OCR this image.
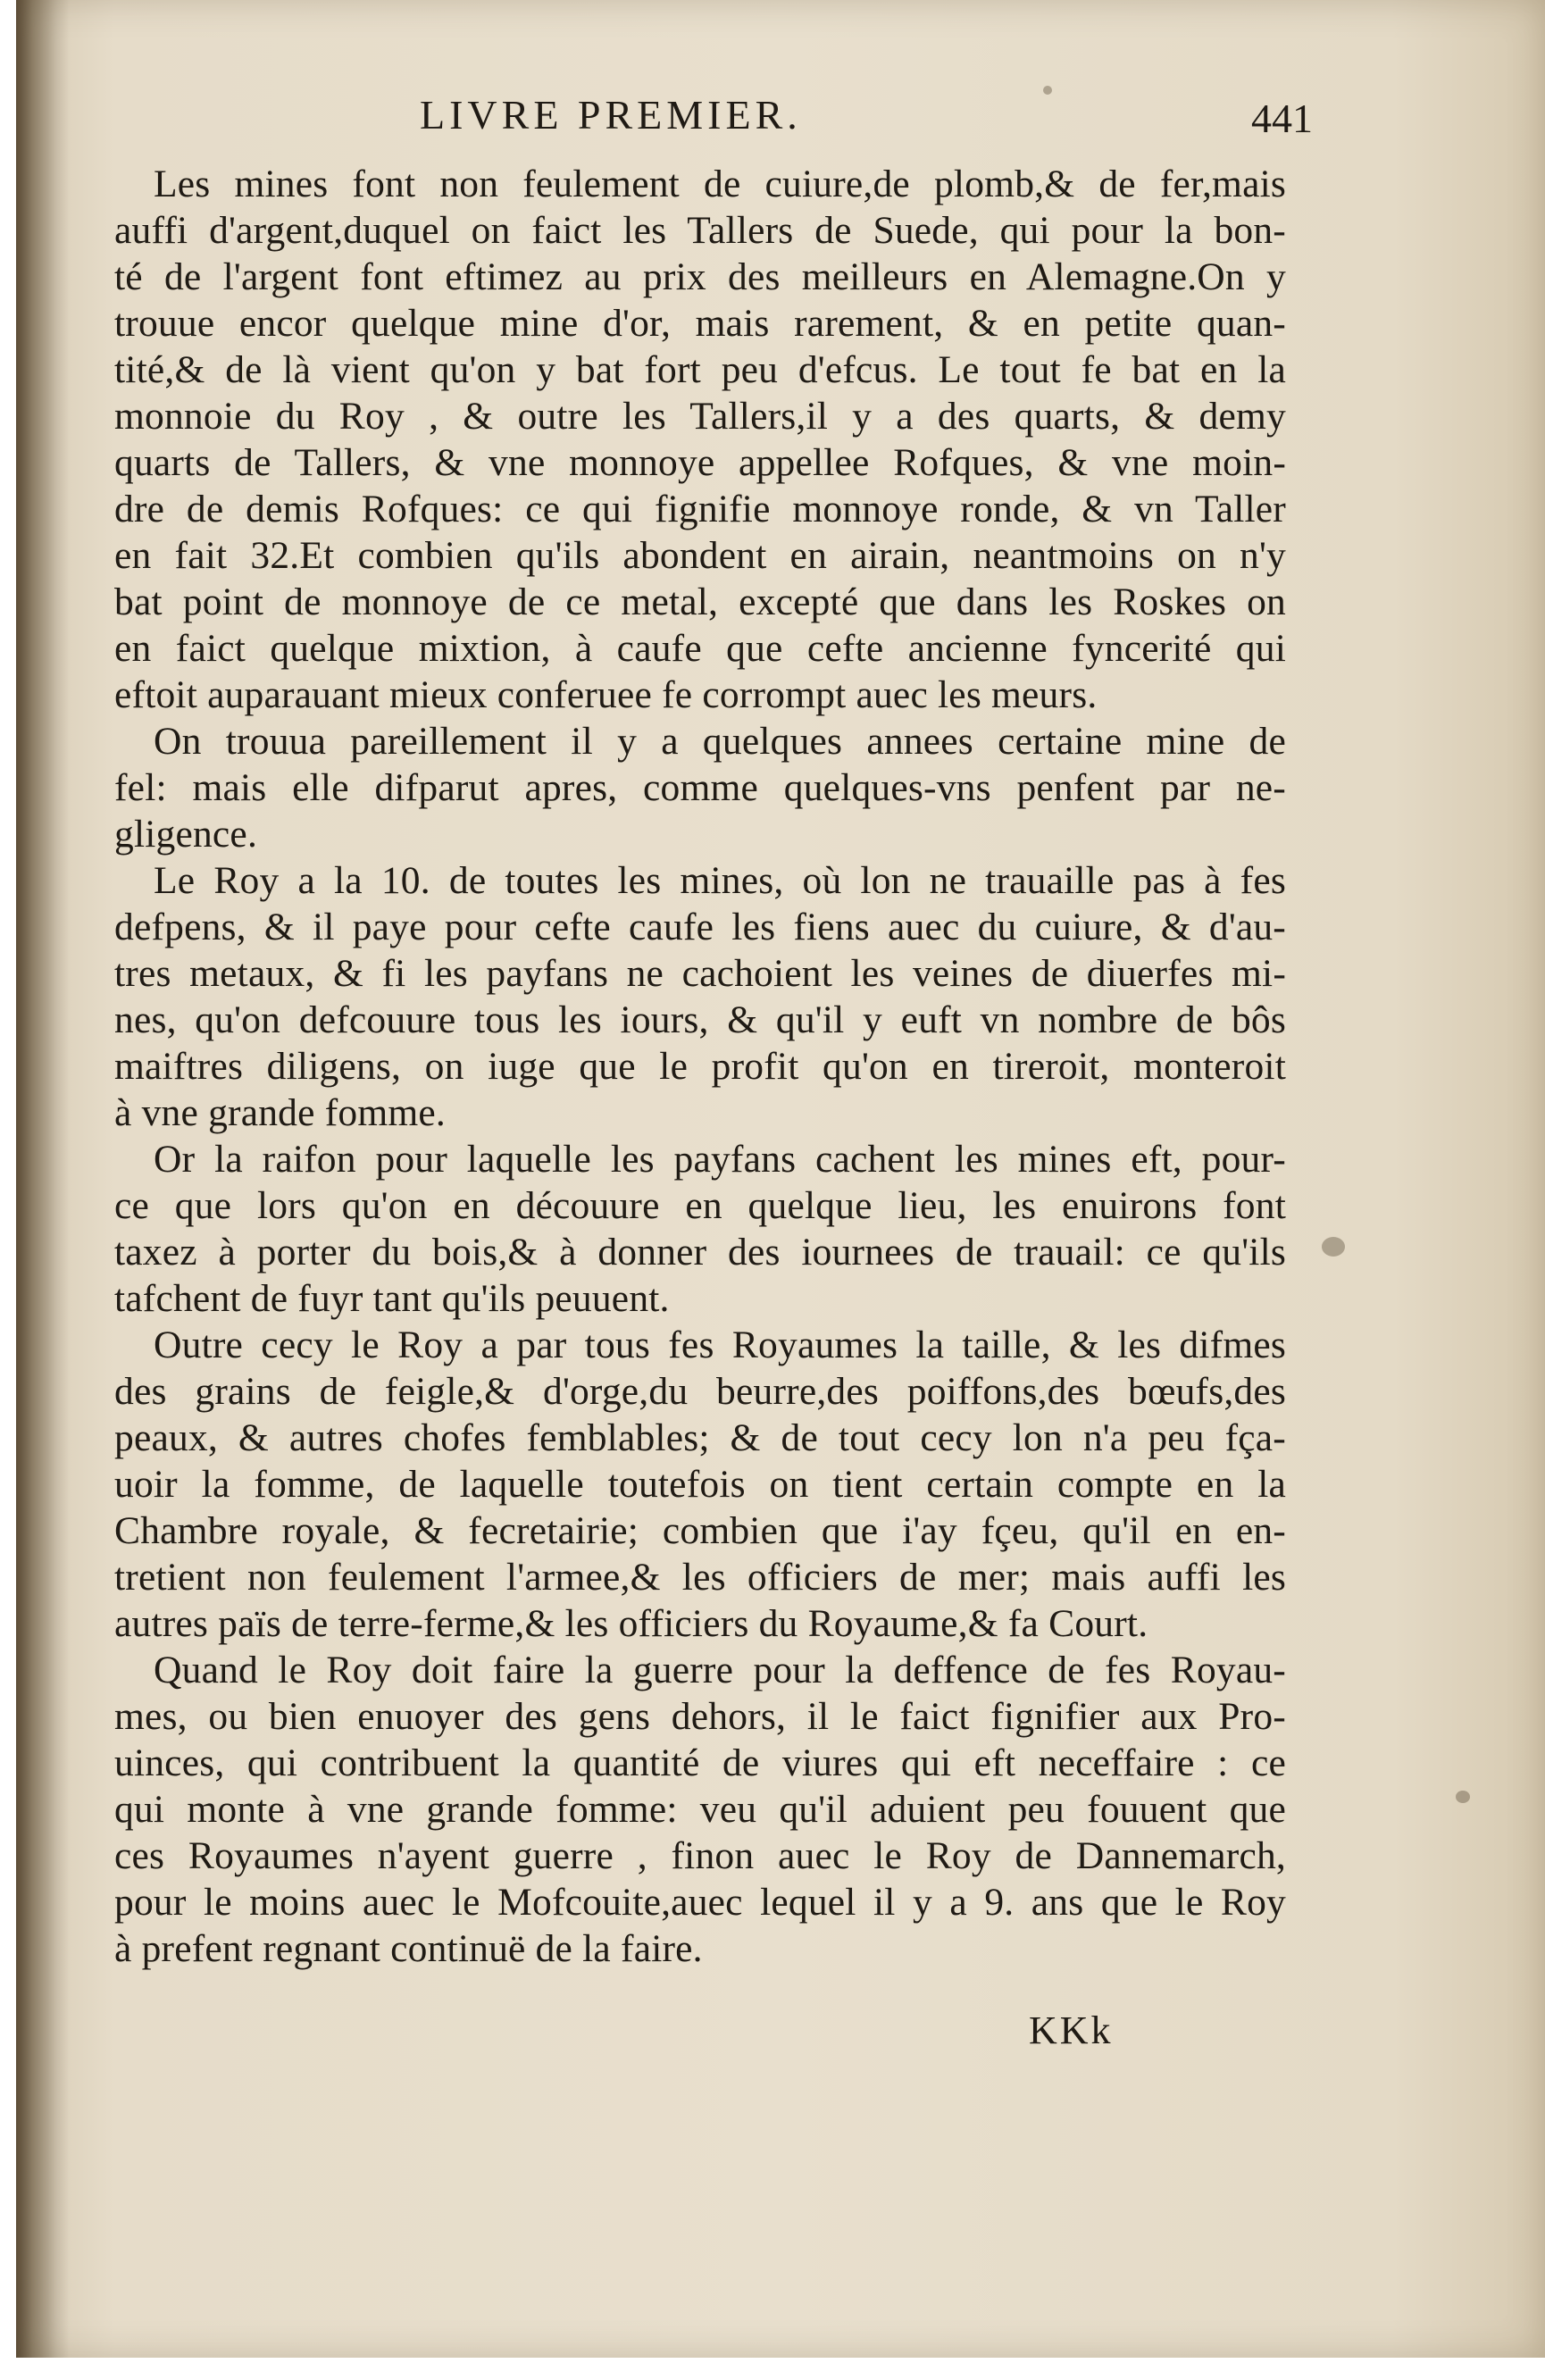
LIVRE PREMIER.	441
Les mines font non feulement de cuiure,de plomb,& de fer,mais
auffi d'argent,duquel on faict les Tallers de Suede, qui pour la bon-
té de l'argent font eftimez au prix des meilleurs en Alemagne.On y
trouue encor quelque mine d'or, mais rarement, & en petite quan-
tité,& de là vient qu'on y bat fort peu d'efcus. Le tout fe bat en la
monnoie du Roy , & outre les Tallers,il y a des quarts, & demy
quarts de Tallers, & vne monnoye appellee Rofques, & vne moin-
dre de demis Rofques: ce qui fignifie monnoye ronde, & vn Taller
en fait 32.Et combien qu'ils abondent en airain, neantmoins on n'y
bat point de monnoye de ce metal, excepté que dans les Roskes on
en faict quelque mixtion, à caufe que cefte ancienne fyncerité qui
eftoit auparauant mieux conferuee fe corrompt auec les meurs.
On trouua pareillement il y a quelques annees certaine mine de
fel: mais elle difparut apres, comme quelques-vns penfent par ne-
gligence.
Le Roy a la 10. de toutes les mines, où lon ne trauaille pas à fes
defpens, & il paye pour cefte caufe les fiens auec du cuiure, & d'au-
tres metaux, & fi les payfans ne cachoient les veines de diuerfes mi-
nes, qu'on defcouure tous les iours, & qu'il y euft vn nombre de bôs
maiftres diligens, on iuge que le profit qu'on en tireroit, monteroit
à vne grande fomme.
Or la raifon pour laquelle les payfans cachent les mines eft, pour-
ce que lors qu'on en découure en quelque lieu, les enuirons font
taxez à porter du bois,& à donner des iournees de trauail: ce qu'ils
tafchent de fuyr tant qu'ils peuuent.
Outre cecy le Roy a par tous fes Royaumes la taille, & les difmes
des grains de feigle,& d'orge,du beurre,des poiffons,des bœufs,des
peaux, & autres chofes femblables; & de tout cecy lon n'a peu fça-
uoir la fomme, de laquelle toutefois on tient certain compte en la
Chambre royale, & fecretairie; combien que i'ay fçeu, qu'il en en-
tretient non feulement l'armee,& les officiers de mer; mais auffi les
autres païs de terre-ferme,& les officiers du Royaume,& fa Court.
Quand le Roy doit faire la guerre pour la deffence de fes Royau-
mes, ou bien enuoyer des gens dehors, il le faict fignifier aux Pro-
uinces, qui contribuent la quantité de viures qui eft neceffaire : ce
qui monte à vne grande fomme: veu qu'il aduient peu fouuent que
ces Royaumes n'ayent guerre , finon auec le Roy de Dannemarch,
pour le moins auec le Mofcouite,auec lequel il y a 9. ans que le Roy
à prefent regnant continuë de la faire.
KKk
